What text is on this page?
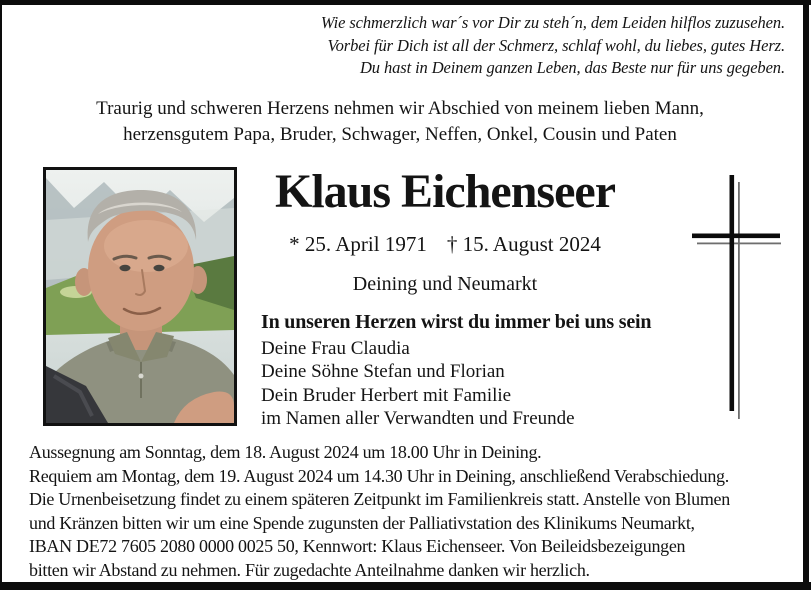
Wie schmerzlich war´s vor Dir zu steh´n, dem Leiden hilflos zuzusehen.
Vorbei für Dich ist all der Schmerz, schlaf wohl, du liebes, gutes Herz.
Du hast in Deinem ganzen Leben, das Beste nur für uns gegeben.
Traurig und schweren Herzens nehmen wir Abschied von meinem lieben Mann,
herzensgutem Papa, Bruder, Schwager, Neffen, Onkel, Cousin und Paten
Klaus Eichenseer
* 25. April 1971 † 15. August 2024
Deining und Neumarkt
In unseren Herzen wirst du immer bei uns sein
Deine Frau Claudia
Deine Söhne Stefan und Florian
Dein Bruder Herbert mit Familie
im Namen aller Verwandten und Freunde
Aussegnung am Sonntag, dem 18. August 2024 um 18.00 Uhr in Deining.
Requiem am Montag, dem 19. August 2024 um 14.30 Uhr in Deining, anschließend Verabschiedung.
Die Urnenbeisetzung findet zu einem späteren Zeitpunkt im Familienkreis statt. Anstelle von Blumen
und Kränzen bitten wir um eine Spende zugunsten der Palliativstation des Klinikums Neumarkt,
IBAN DE72 7605 2080 0000 0025 50, Kennwort: Klaus Eichenseer. Von Beileidsbezeigungen
bitten wir Abstand zu nehmen. Für zugedachte Anteilnahme danken wir herzlich.
